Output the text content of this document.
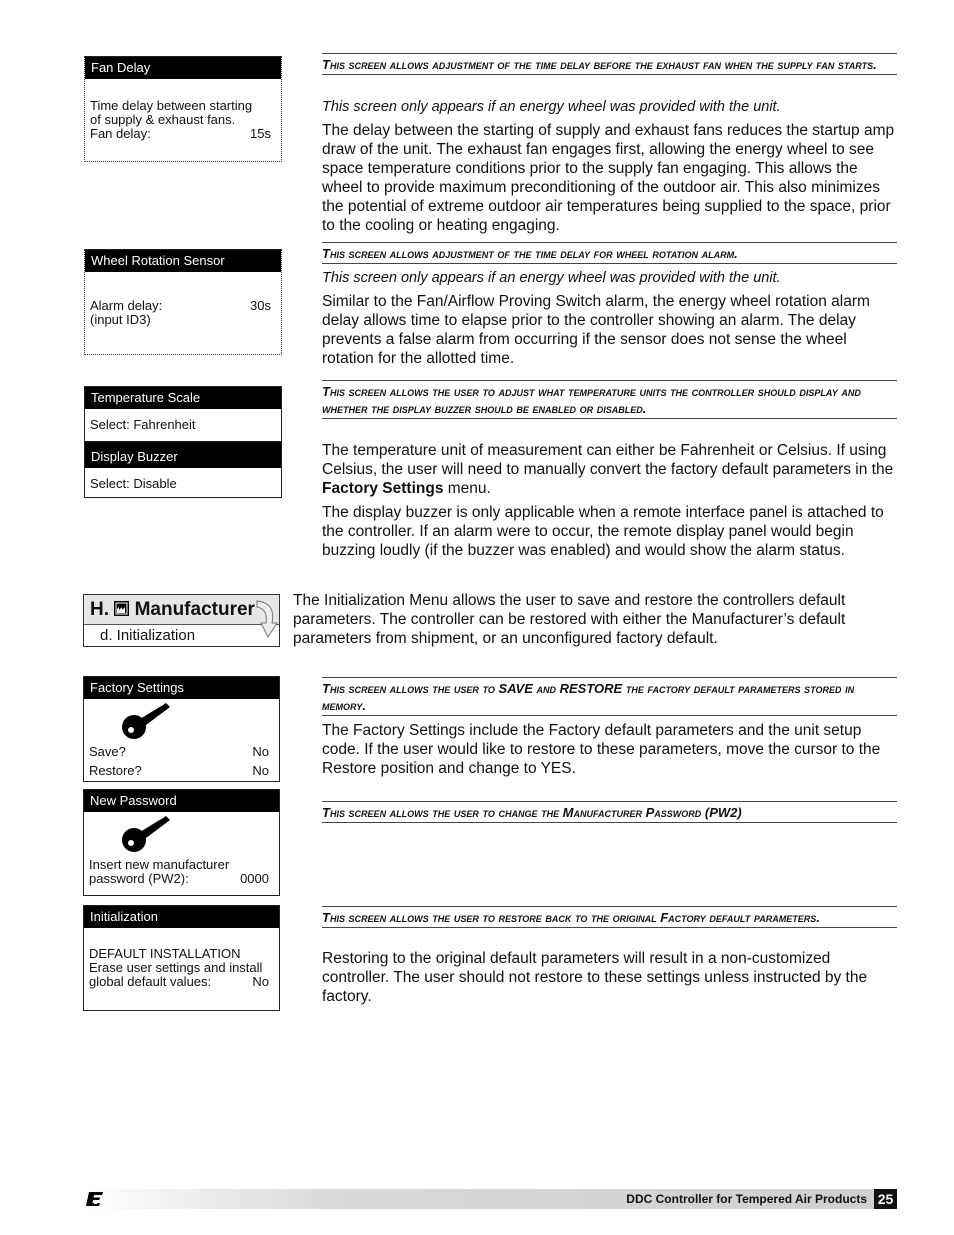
Fan Delay
Time delay between starting
of supply & exhaust fans.
Fan delay:	15s
This screen allows adjustment of the time delay before the exhaust fan when the supply fan starts.
This screen only appears if an energy wheel was provided with the unit.
The delay between the starting of supply and exhaust fans reduces the startup amp draw of the unit. The exhaust fan engages first, allowing the energy wheel to see space temperature conditions prior to the supply fan engaging. This allows the wheel to provide maximum preconditioning of the outdoor air. This also minimizes the potential of extreme outdoor air temperatures being supplied to the space, prior to the cooling or heating engaging.
Wheel Rotation Sensor
Alarm delay:	30s
(input ID3)
This screen allows adjustment of the time delay for wheel rotation alarm.
This screen only appears if an energy wheel was provided with the unit.
Similar to the Fan/Airflow Proving Switch alarm, the energy wheel rotation alarm delay allows time to elapse prior to the controller showing an alarm. The delay prevents a false alarm from occurring if the sensor does not sense the wheel rotation for the allotted time.
Temperature Scale
Select: Fahrenheit
Display Buzzer
Select: Disable
This screen allows the user to adjust what temperature units the controller should display and whether the display buzzer should be enabled or disabled.
The temperature unit of measurement can either be Fahrenheit or Celsius. If using Celsius, the user will need to manually convert the factory default parameters in the Factory Settings menu.
The display buzzer is only applicable when a remote interface panel is attached to the controller. If an alarm were to occur, the remote display panel would begin buzzing loudly (if the buzzer was enabled) and would show the alarm status.
H. Manufacturer
d. Initialization
The Initialization Menu allows the user to save and restore the controllers default parameters. The controller can be restored with either the Manufacturer’s default parameters from shipment, or an unconfigured factory default.
Factory Settings
Save?	No
Restore?	No
This screen allows the user to SAVE and RESTORE the factory default parameters stored in memory.
The Factory Settings include the Factory default parameters and the unit setup code. If the user would like to restore to these parameters, move the cursor to the Restore position and change to YES.
New Password
Insert new manufacturer
password (PW2):	0000
This screen allows the user to change the Manufacturer Password (PW2)
Initialization
DEFAULT INSTALLATION
Erase user settings and install
global default values:	No
This screen allows the user to restore back to the original Factory default parameters.
Restoring to the original default parameters will result in a non-customized controller. The user should not restore to these settings unless instructed by the factory.
DDC Controller for Tempered Air Products 25
